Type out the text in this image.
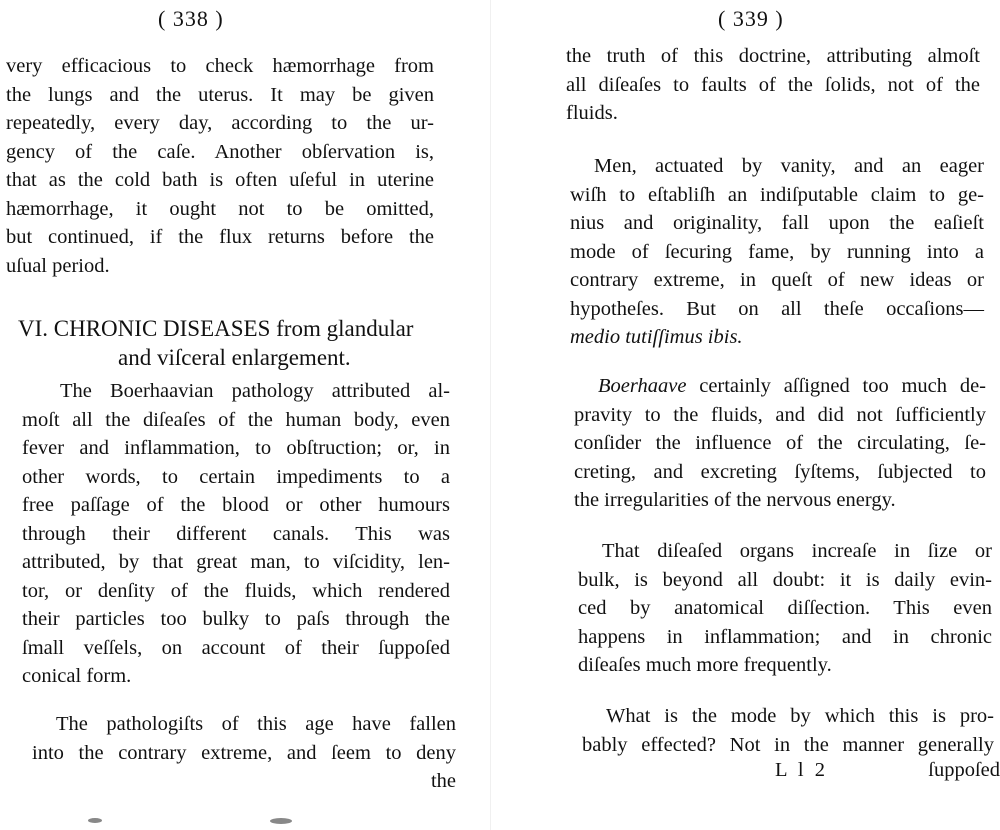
( 338 )
very efficacious to check hæmorrhage from
the lungs and the uterus. It may be given
repeatedly, every day, according to the ur-
gency of the caſe. Another obſervation is,
that as the cold bath is often uſeful in uterine
hæmorrhage, it ought not to be omitted,
but continued, if the flux returns before the
uſual period.
VI. CHRONIC DISEASES from glandular
and viſceral enlargement.
The Boerhaavian pathology attributed al-
moſt all the diſeaſes of the human body, even
fever and inflammation, to obſtruction; or, in
other words, to certain impediments to a
free paſſage of the blood or other humours
through their different canals. This was
attributed, by that great man, to viſcidity, len-
tor, or denſity of the fluids, which rendered
their particles too bulky to paſs through the
ſmall veſſels, on account of their ſuppoſed
conical form.
The pathologiſts of this age have fallen
into the contrary extreme, and ſeem to deny
the
( 339 )
the truth of this doctrine, attributing almoſt
all diſeaſes to faults of the ſolids, not of the
fluids.
Men, actuated by vanity, and an eager
wiſh to eſtabliſh an indiſputable claim to ge-
nius and originality, fall upon the eaſieſt
mode of ſecuring fame, by running into a
contrary extreme, in queſt of new ideas or
hypotheſes. But on all theſe occaſions—
medio tutiſſimus ibis.
Boerhaave certainly aſſigned too much de-
pravity to the fluids, and did not ſufficiently
conſider the influence of the circulating, ſe-
creting, and excreting ſyſtems, ſubjected to
the irregularities of the nervous energy.
That diſeaſed organs increaſe in ſize or
bulk, is beyond all doubt: it is daily evin-
ced by anatomical diſſection. This even
happens in inflammation; and in chronic
diſeaſes much more frequently.
What is the mode by which this is pro-
bably effected? Not in the manner generally
L l 2	ſuppoſed
